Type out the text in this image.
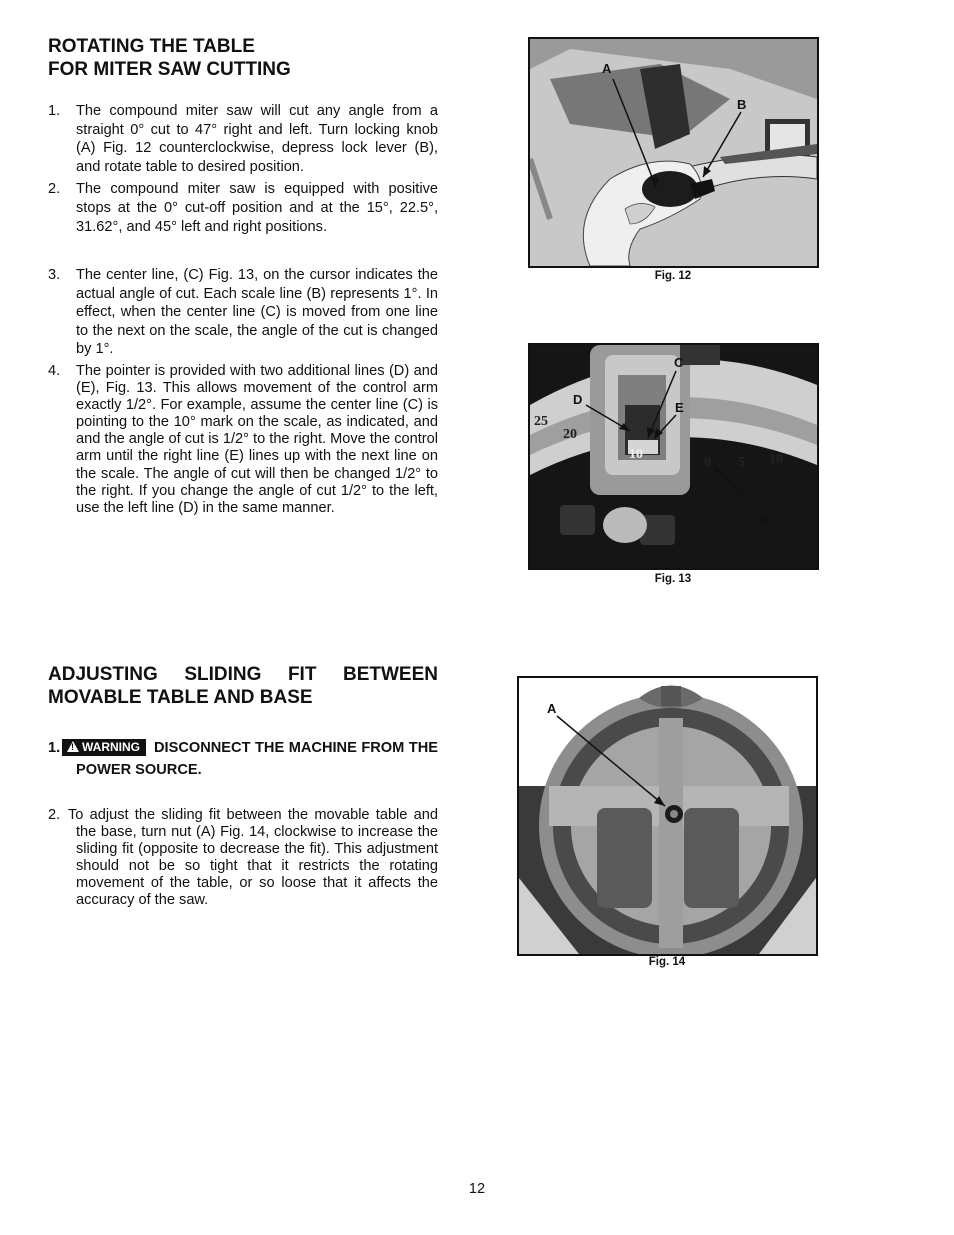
ROTATING THE TABLE
FOR MITER SAW CUTTING
1. The compound miter saw will cut any angle from a straight 0° cut to 47° right and left. Turn locking knob (A) Fig. 12 counterclockwise, depress lock lever (B), and rotate table to desired position.
2. The compound miter saw is equipped with positive stops at the 0° cut-off position and at the 15°, 22.5°, 31.62°, and 45° left and right positions.
3. The center line, (C) Fig. 13, on the cursor indicates the actual angle of cut. Each scale line (B) represents 1°. In effect, when the center line (C) is moved from one line to the next on the scale, the angle of the cut is changed by 1°.
4. The pointer is provided with two additional lines (D) and (E), Fig. 13. This allows movement of the control arm exactly 1/2°. For example, assume the center line (C) is pointing to the 10° mark on the scale, as indicated, and and the angle of cut is 1/2° to the right. Move the control arm until the right line (E) lines up with the next line on the scale. The angle of cut will then be changed 1/2° to the right. If you change the angle of cut 1/2° to the left, use the left line (D) in the same manner.
ADJUSTING SLIDING FIT BETWEEN
MOVABLE TABLE AND BASE
1.! WARNING DISCONNECT THE MACHINE FROM THE POWER SOURCE.
2. To adjust the sliding fit between the movable table and the base, turn nut (A) Fig. 14, clockwise to increase the sliding fit (opposite to decrease the fit). This adjustment should not be so tight that it restricts the rotating movement of the table, or so loose that it affects the accuracy of the saw.
A
B
Fig. 12
C
D
E
B
25
20
10
0 5 10
Fig. 13
A
Fig. 14
12
